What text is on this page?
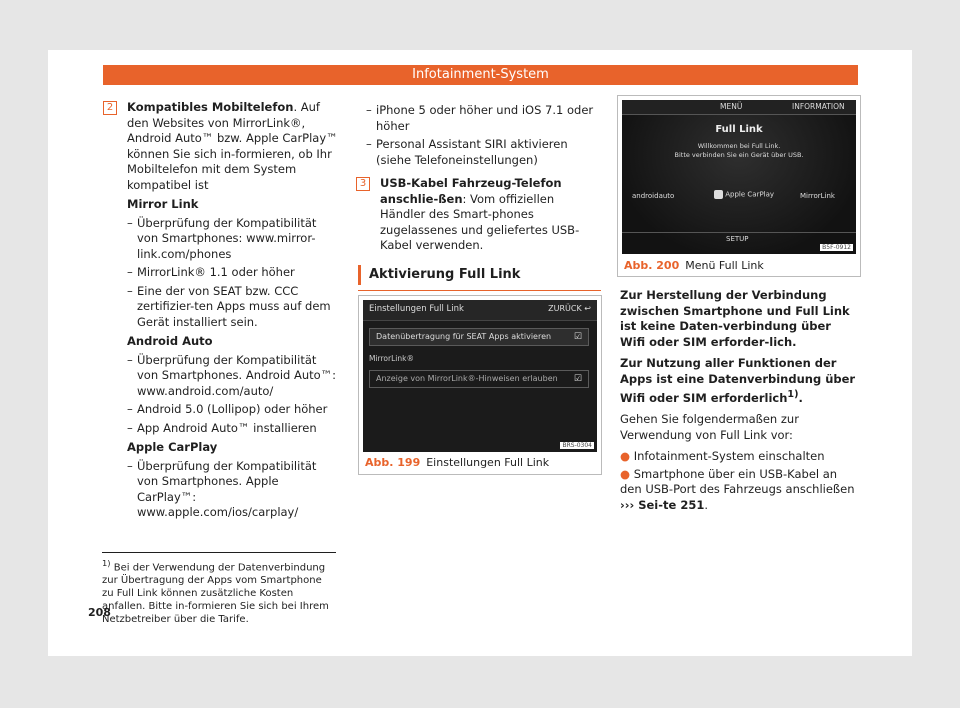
Infotainment-System

2	Kompatibles Mobiltelefon. Auf den Websites von MirrorLink®, Android Auto™ bzw. Apple CarPlay™ können Sie sich in-formieren, ob Ihr Mobiltelefon mit dem System kompatibel ist

Mirror Link

– Überprüfung der Kompatibilität von Smartphones: www.mirror-link.com/phones

– MirrorLink® 1.1 oder höher

– Eine der von SEAT bzw. CCC zertifizier-ten Apps muss auf dem Gerät installiert sein.

Android Auto

– Überprüfung der Kompatibilität von Smartphones. Android Auto™: www.android.com/auto/

– Android 5.0 (Lollipop) oder höher

– App Android Auto™ installieren

Apple CarPlay

– Überprüfung der Kompatibilität von Smartphones. Apple CarPlay™: www.apple.com/ios/carplay/

$^{1)}$ Bei der Verwendung der Datenverbindung zur Übertragung der Apps vom Smartphone zu Full Link können zusätzliche Kosten anfallen. Bitte in-formieren Sie sich bei Ihrem Netzbetreiber über die Tarife.
208

– iPhone 5 oder höher und iOS 7.1 oder höher

– Personal Assistant SIRI aktivieren (siehe Telefoneinstellungen)

3	USB-Kabel Fahrzeug-Telefon anschlie-ßen: Vom offiziellen Händler des Smart-phones zugelassenes und geliefertes USB-Kabel verwenden.

Aktivierung Full Link
Einstellungen Full Link	ZURÜCK ↩
Datenübertragung für SEAT Apps aktivieren	☑
MirrorLink®
Anzeige von MirrorLink®-Hinweisen erlauben ☑
BRS-0304
Abb. 199 Einstellungen Full Link
MENÜ	INFORMATION
Full Link
Willkommen bei Full Link.
Bitte verbinden Sie ein Gerät über USB.
androidauto	Apple CarPlay	MirrorLink
SETUP
B5F-0912
Abb. 200 Menü Full Link

Zur Herstellung der Verbindung zwischen Smartphone und Full Link ist keine Daten-verbindung über Wifi oder SIM erforder-lich.

Zur Nutzung aller Funktionen der Apps ist eine Datenverbindung über Wifi oder SIM erforderlich$^{1)}$.

Gehen Sie folgendermaßen zur Verwendung von Full Link vor:

● Infotainment-System einschalten

● Smartphone über ein USB-Kabel an den USB-Port des Fahrzeugs anschließen ››› Sei-te 251.
